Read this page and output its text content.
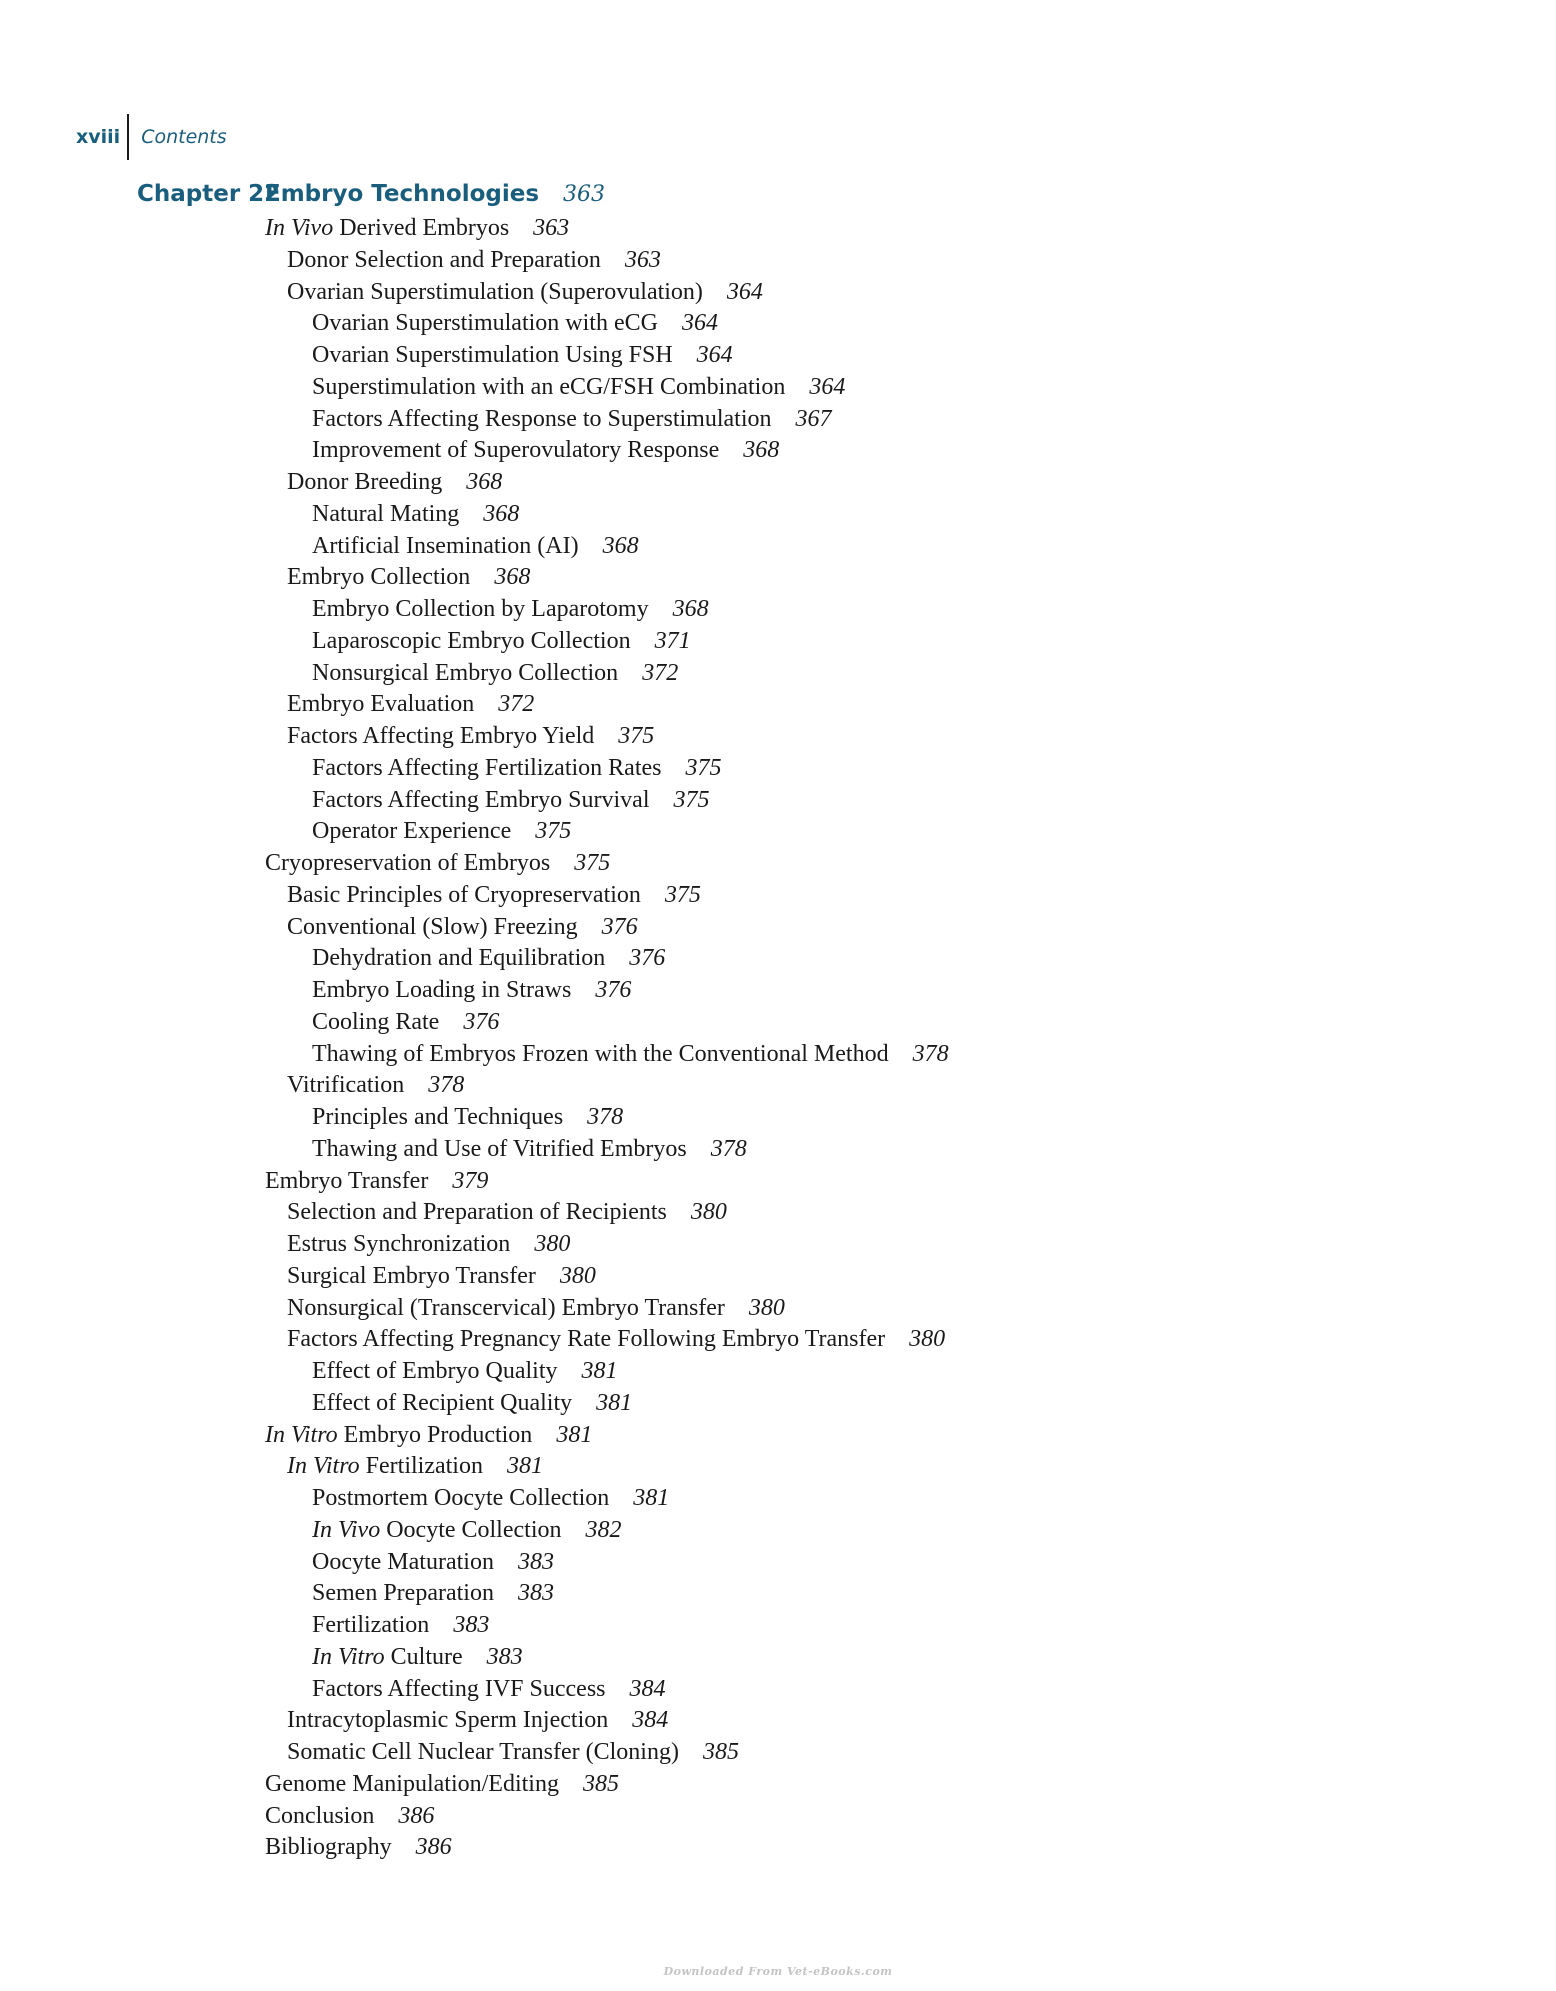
xviii Contents
Chapter 22Embryo Technologies 363
In Vivo Derived Embryos 363
Donor Selection and Preparation 363
Ovarian Superstimulation (Superovulation) 364
Ovarian Superstimulation with eCG 364
Ovarian Superstimulation Using FSH 364
Superstimulation with an eCG/FSH Combination 364
Factors Affecting Response to Superstimulation 367
Improvement of Superovulatory Response 368
Donor Breeding 368
Natural Mating 368
Artificial Insemination (AI) 368
Embryo Collection 368
Embryo Collection by Laparotomy 368
Laparoscopic Embryo Collection 371
Nonsurgical Embryo Collection 372
Embryo Evaluation 372
Factors Affecting Embryo Yield 375
Factors Affecting Fertilization Rates 375
Factors Affecting Embryo Survival 375
Operator Experience 375
Cryopreservation of Embryos 375
Basic Principles of Cryopreservation 375
Conventional (Slow) Freezing 376
Dehydration and Equilibration 376
Embryo Loading in Straws 376
Cooling Rate 376
Thawing of Embryos Frozen with the Conventional Method 378
Vitrification 378
Principles and Techniques 378
Thawing and Use of Vitrified Embryos 378
Embryo Transfer 379
Selection and Preparation of Recipients 380
Estrus Synchronization 380
Surgical Embryo Transfer 380
Nonsurgical (Transcervical) Embryo Transfer 380
Factors Affecting Pregnancy Rate Following Embryo Transfer 380
Effect of Embryo Quality 381
Effect of Recipient Quality 381
In Vitro Embryo Production 381
In Vitro Fertilization 381
Postmortem Oocyte Collection 381
In Vivo Oocyte Collection 382
Oocyte Maturation 383
Semen Preparation 383
Fertilization 383
In Vitro Culture 383
Factors Affecting IVF Success 384
Intracytoplasmic Sperm Injection 384
Somatic Cell Nuclear Transfer (Cloning) 385
Genome Manipulation/Editing 385
Conclusion 386
Bibliography 386
Downloaded From Vet-eBooks.com
